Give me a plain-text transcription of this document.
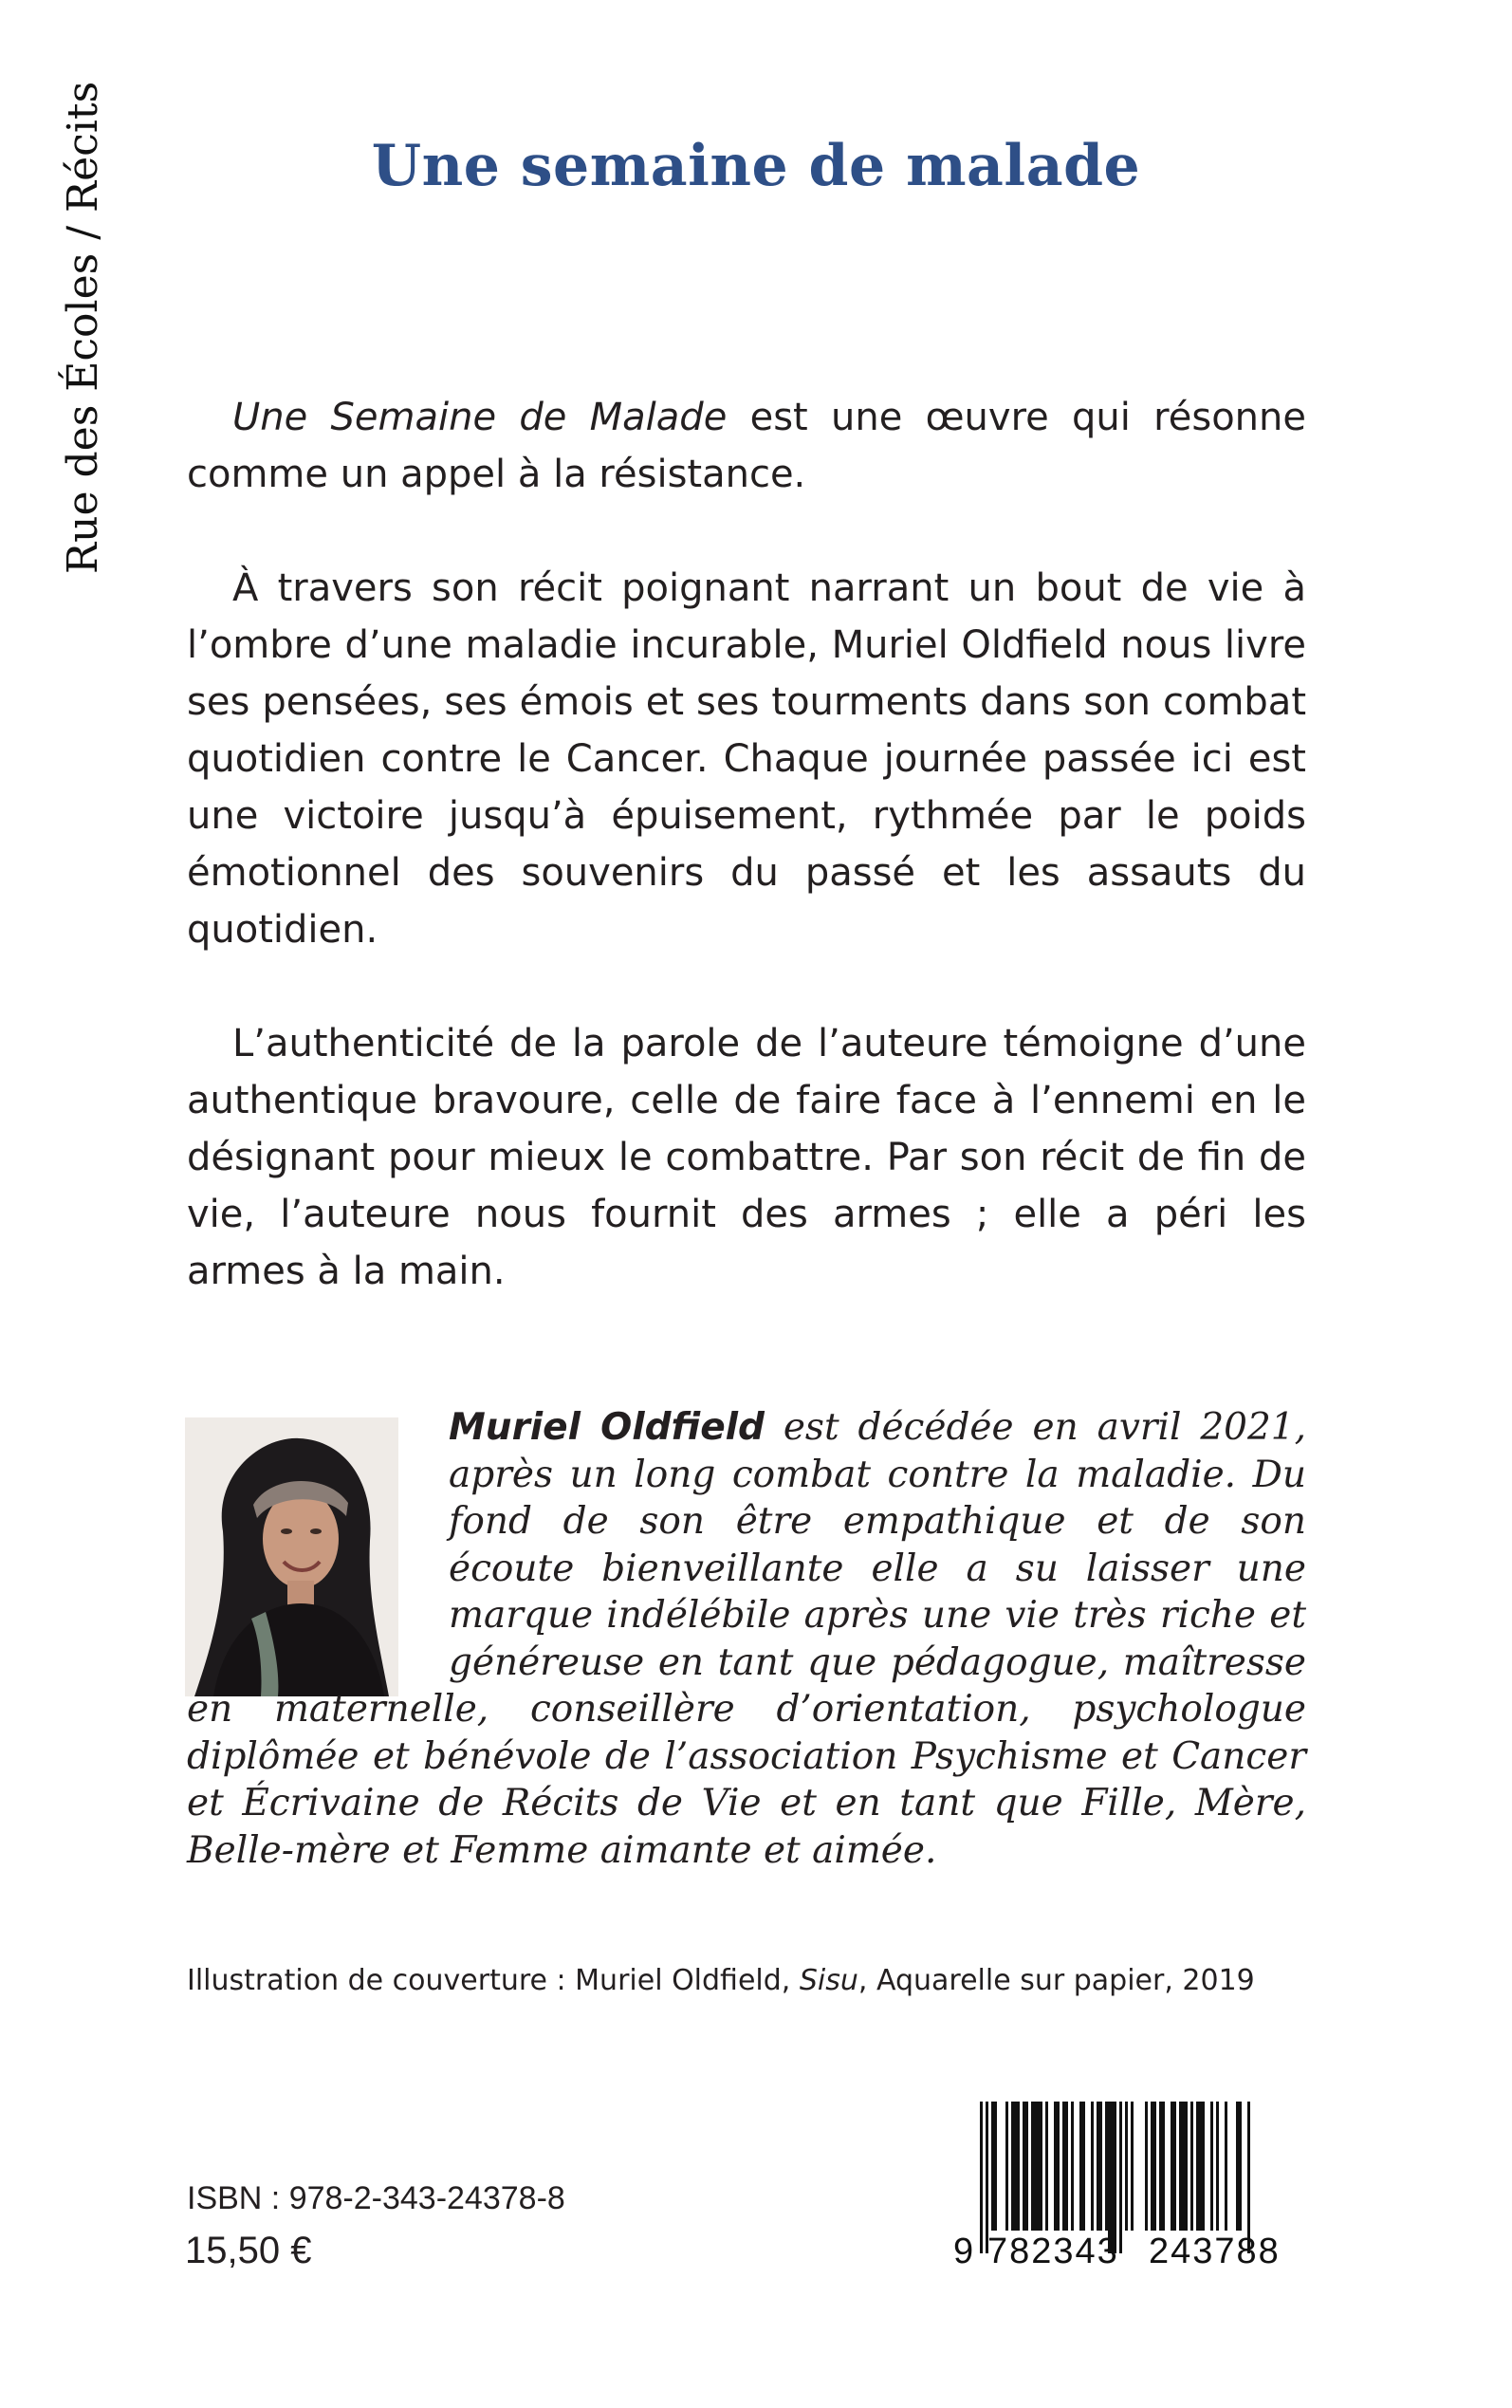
Rue des Écoles / Récits	Une semaine de malade

Une Semaine de Malade est une œuvre qui résonne comme un appel à la résistance.

À travers son récit poignant narrant un bout de vie à l’ombre d’une maladie incurable, Muriel Oldfield nous livre ses pensées, ses émois et ses tourments dans son combat quotidien contre le Cancer. Chaque journée passée ici est une victoire jusqu’à épuisement, rythmée par le poids émotionnel des souvenirs du passé et les assauts du quotidien.

L’authenticité de la parole de l’auteure témoigne d’une authentique bravoure, celle de faire face à l’ennemi en le désignant pour mieux le combattre. Par son récit de fin de vie, l’auteure nous fournit des armes ; elle a péri les armes à la main.

Muriel Oldfield est décédée en avril 2021, après un long combat contre la maladie. Du fond de son être empathique et de son écoute bienveillante elle a su laisser une marque indélébile après une vie très riche et généreuse en tant que pédagogue, maîtresse en maternelle, conseillère d’orientation, psychologue diplômée et bénévole de l’association Psychisme et Cancer et Écrivaine de Récits de Vie et en tant que Fille, Mère, Belle-mère et Femme aimante et aimée.
Illustration de couverture : Muriel Oldfield, Sisu, Aquarelle sur papier, 2019
ISBN : 978-2-343-24378-8
15,50 €	9 782343 243788
